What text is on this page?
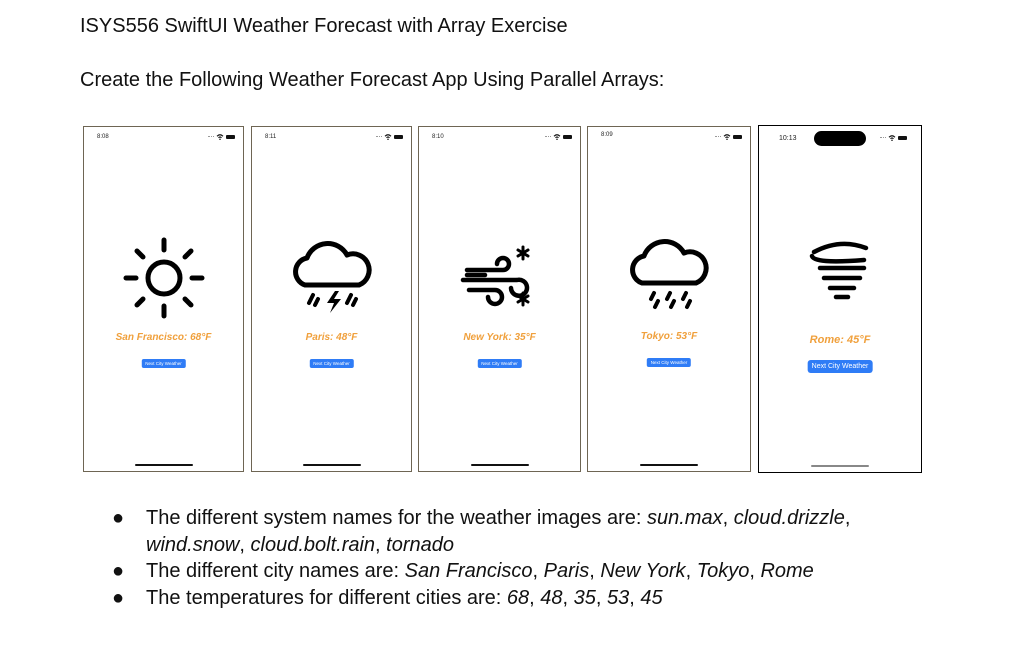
ISYS556 SwiftUI Weather Forecast with Array Exercise
Create the Following Weather Forecast App Using Parallel Arrays:
8:08
San Francisco: 68°F
Next City Weather
8:11
Paris: 48°F
Next City Weather
8:10
New York: 35°F
Next City Weather
8:09
Tokyo: 53°F
Next City Weather
10:13
Rome: 45°F
Next City Weather
● The different system names for the weather images are: sun.max, cloud.drizzle, wind.snow, cloud.bolt.rain, tornado
● The different city names are: San Francisco, Paris, New York, Tokyo, Rome
● The temperatures for different cities are: 68, 48, 35, 53, 45
